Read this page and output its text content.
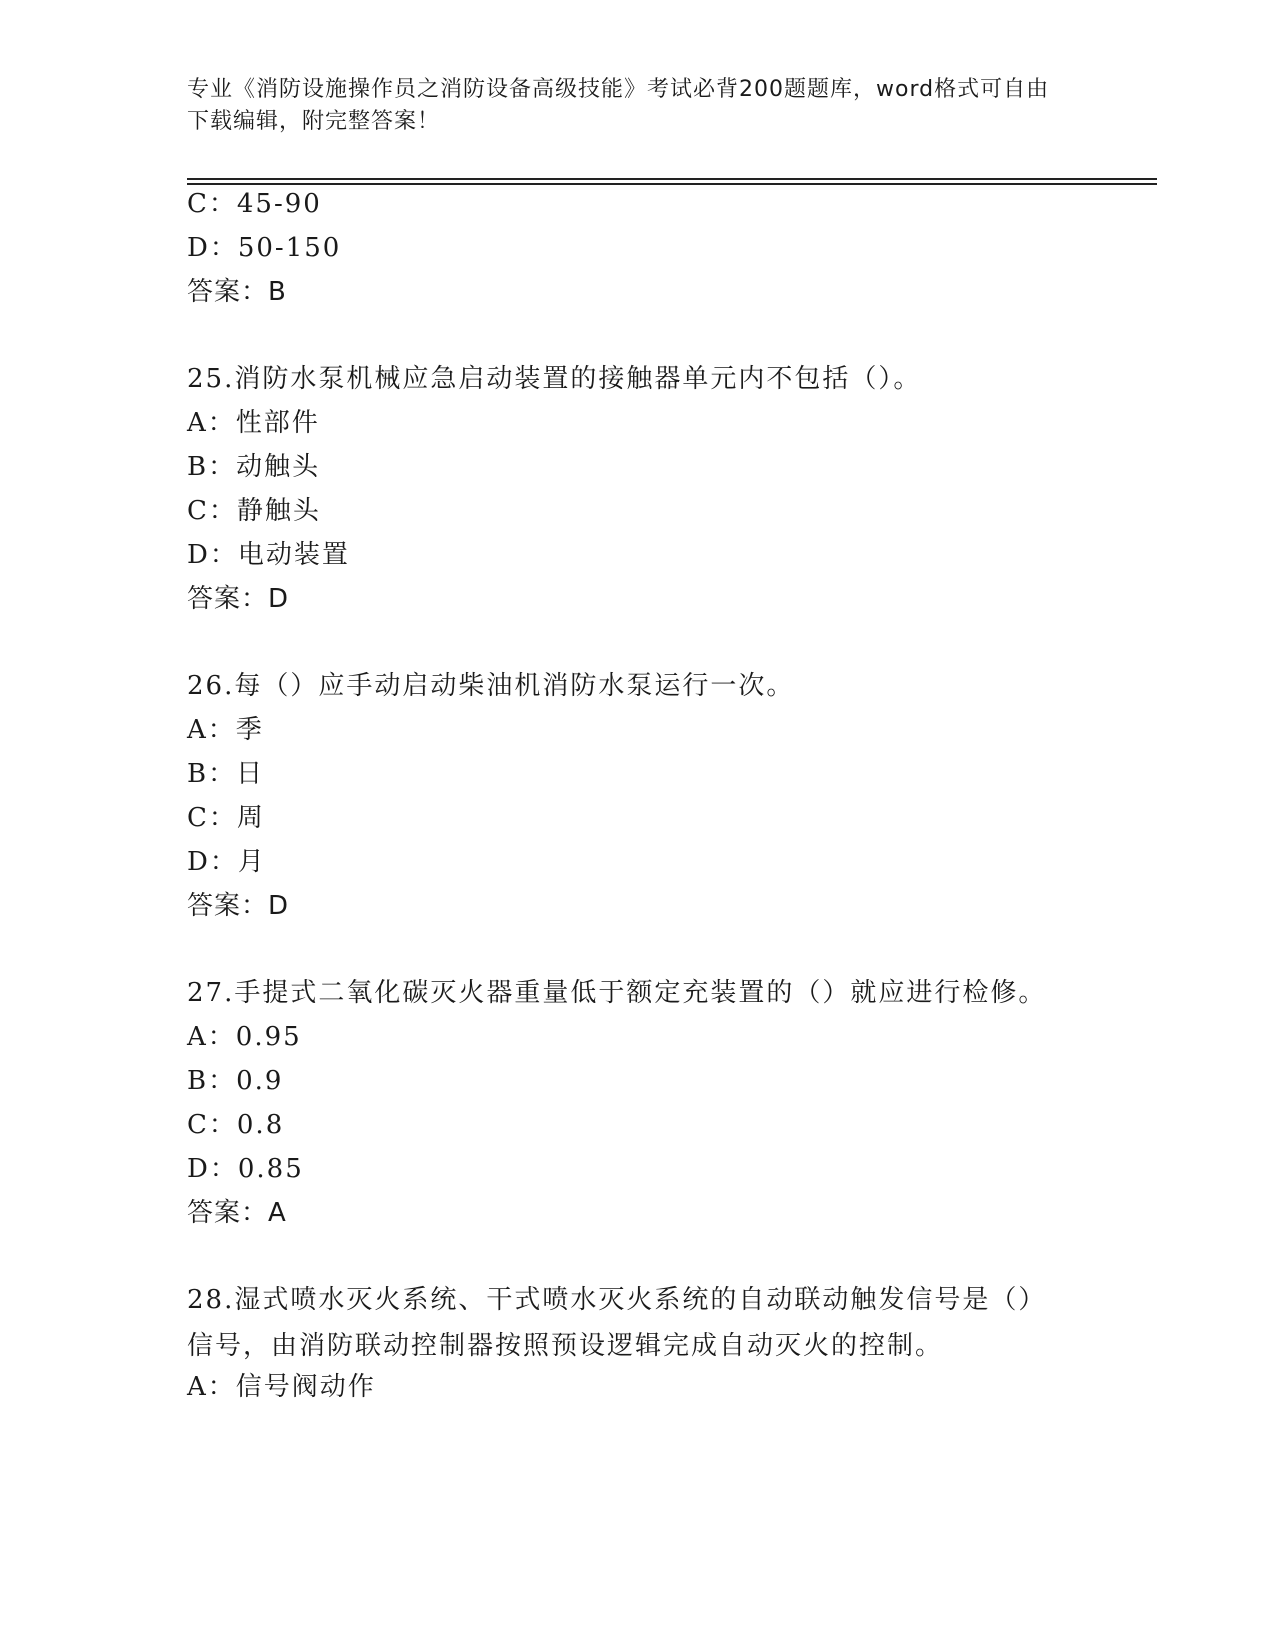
专业《消防设施操作员之消防设备高级技能》考试必背200题题库，word格式可自由下载编辑，附完整答案！
C：45-90
D：50-150
答案：B
25.消防水泵机械应急启动装置的接触器单元内不包括（）。
A：性部件
B：动触头
C：静触头
D：电动装置
答案：D
26.每（）应手动启动柴油机消防水泵运行一次。
A：季
B：日
C：周
D：月
答案：D
27.手提式二氧化碳灭火器重量低于额定充装置的（）就应进行检修。
A：0.95
B：0.9
C：0.8
D：0.85
答案：A
28.湿式喷水灭火系统、干式喷水灭火系统的自动联动触发信号是（）信号，由消防联动控制器按照预设逻辑完成自动灭火的控制。
A：信号阀动作
